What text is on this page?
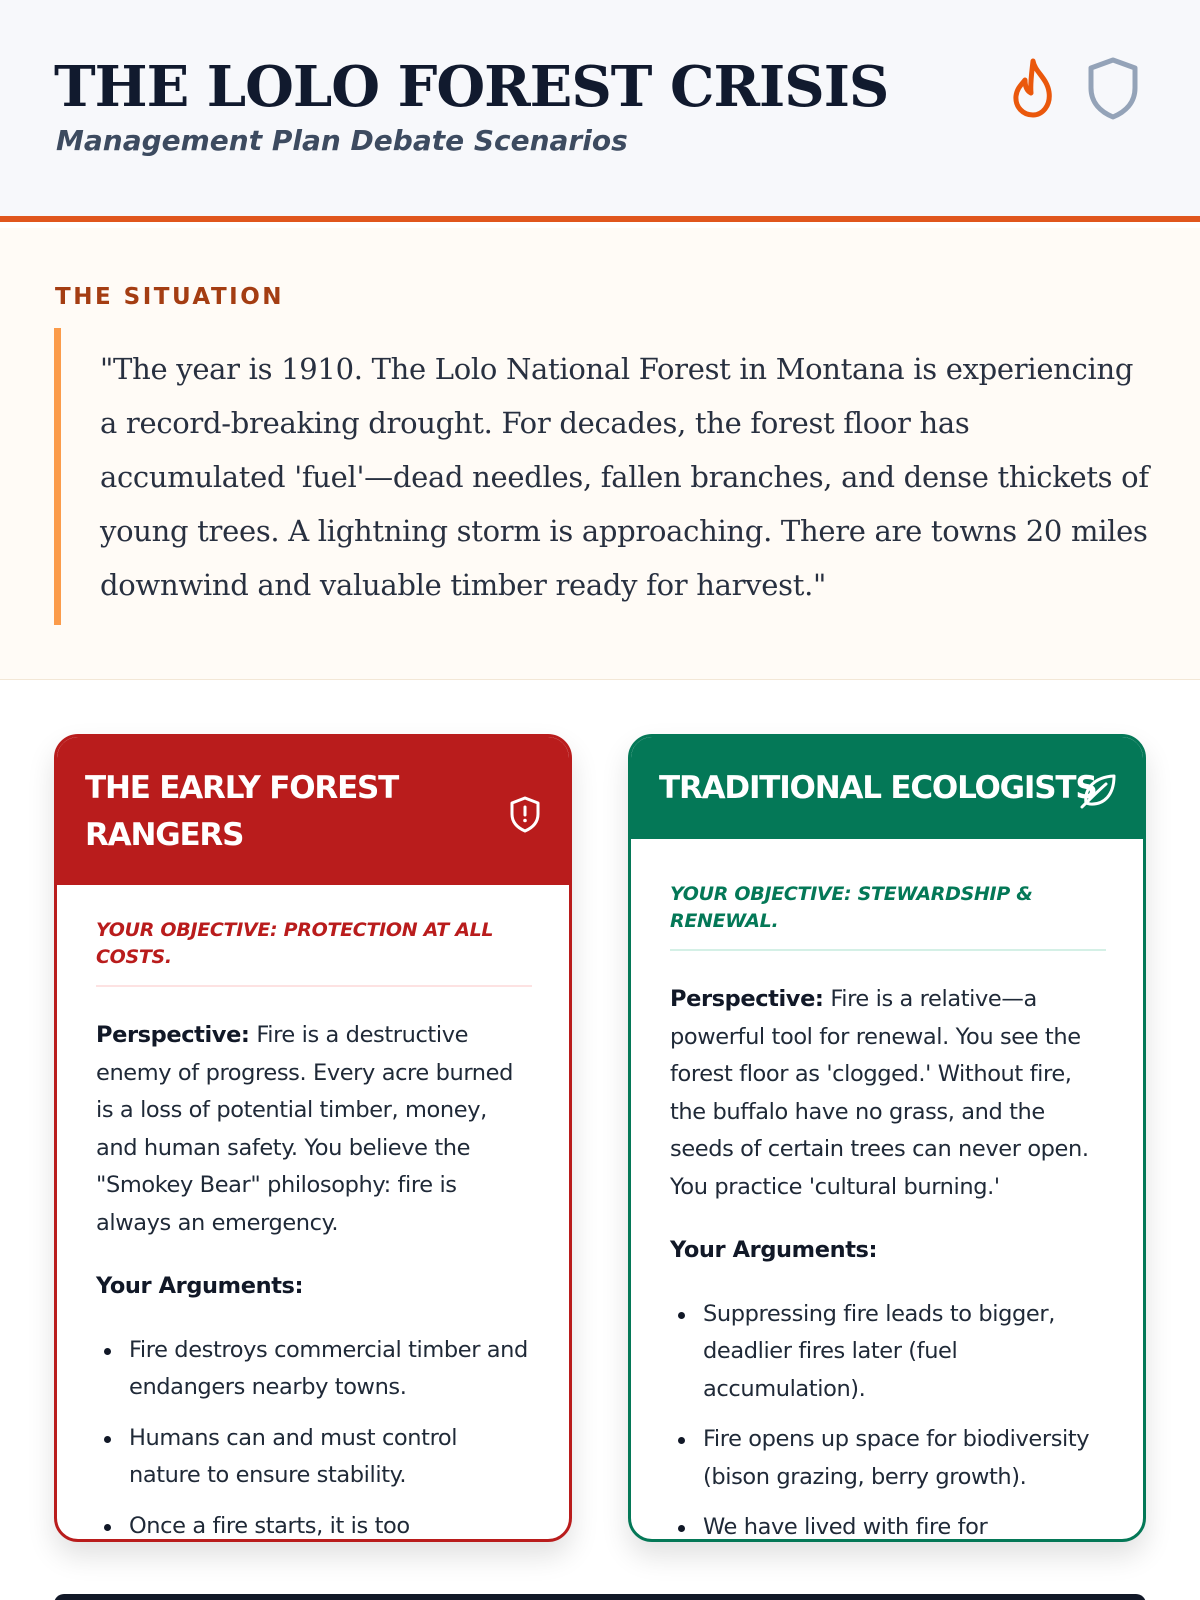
THE LOLO FOREST CRISIS
Management Plan Debate Scenarios
THE SITUATION
"The year is 1910. The Lolo National Forest in Montana is experiencing a record-breaking drought. For decades, the forest floor has accumulated 'fuel'—dead needles, fallen branches, and dense thickets of young trees. A lightning storm is approaching. There are towns 20 miles downwind and valuable timber ready for harvest."
THE EARLY FOREST RANGERS
YOUR OBJECTIVE: PROTECTION AT ALL COSTS.
Perspective: Fire is a destructive enemy of progress. Every acre burned is a loss of potential timber, money, and human safety. You believe the "Smokey Bear" philosophy: fire is always an emergency.
Your Arguments:
Fire destroys commercial timber and endangers nearby towns.
Humans can and must control nature to ensure stability.
Once a fire starts, it is too
TRADITIONAL ECOLOGISTS
YOUR OBJECTIVE: STEWARDSHIP & RENEWAL.
Perspective: Fire is a relative—a powerful tool for renewal. You see the forest floor as 'clogged.' Without fire, the buffalo have no grass, and the seeds of certain trees can never open. You practice 'cultural burning.'
Your Arguments:
Suppressing fire leads to bigger, deadlier fires later (fuel accumulation).
Fire opens up space for biodiversity (bison grazing, berry growth).
We have lived with fire for
